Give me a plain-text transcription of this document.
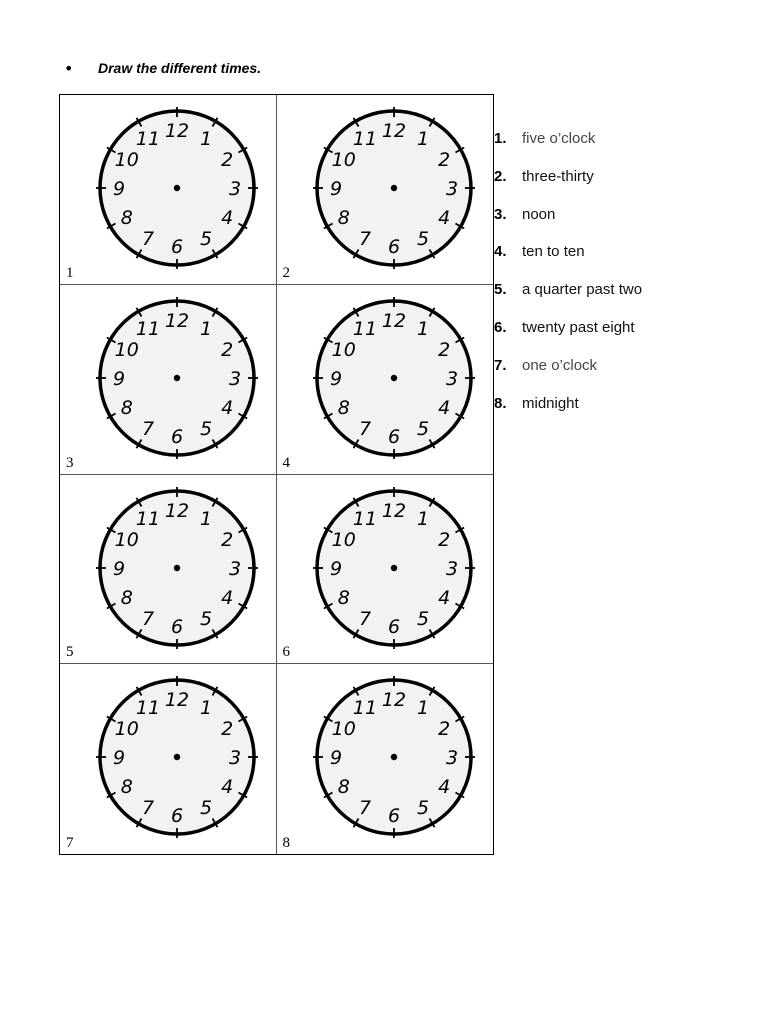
•	Draw the different times.
12 1
2
3
4
5
6
7
8
9
10
11
1
12 1
2
3
4
5
6
7
8
9
10
11
2
12 1
2
3
4
5
6
7
8
9
10
11
3
12 1
2
3
4
5
6
7
8
9
10
11
4
12 1
2
3
4
5
6
7
8
9
10
11
5
12 1
2
3
4
5
6
7
8
9
10
11
6
12 1
2
3
4
5
6
7
8
9
10
11
7
12 1
2
3
4
5
6
7
8
9
10
11
8
1.	five o’clock
2.	three-thirty
3.	noon
4.	ten to ten
5.	a quarter past two
6.	twenty past eight
7.	one o’clock
8.	midnight
